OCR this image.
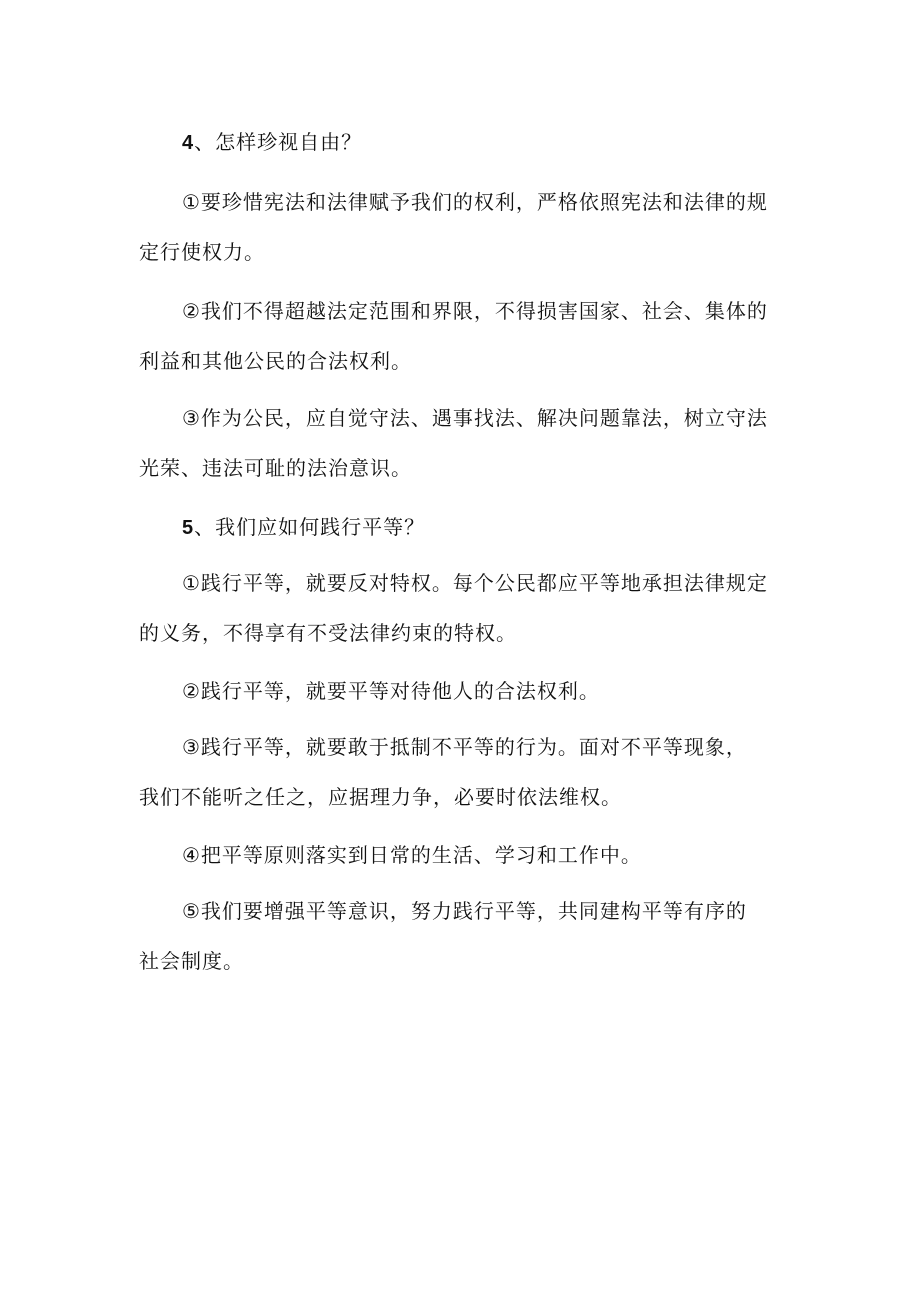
4、怎样珍视自由？

①要珍惜宪法和法律赋予我们的权利，严格依照宪法和法律的规

定行使权力。

②我们不得超越法定范围和界限，不得损害国家、社会、集体的

利益和其他公民的合法权利。

③作为公民，应自觉守法、遇事找法、解决问题靠法，树立守法

光荣、违法可耻的法治意识。

5、我们应如何践行平等？

①践行平等，就要反对特权。每个公民都应平等地承担法律规定

的义务，不得享有不受法律约束的特权。

②践行平等，就要平等对待他人的合法权利。

③践行平等，就要敢于抵制不平等的行为。面对不平等现象，

我们不能听之任之，应据理力争，必要时依法维权。

④把平等原则落实到日常的生活、学习和工作中。

⑤我们要增强平等意识，努力践行平等，共同建构平等有序的

社会制度。
